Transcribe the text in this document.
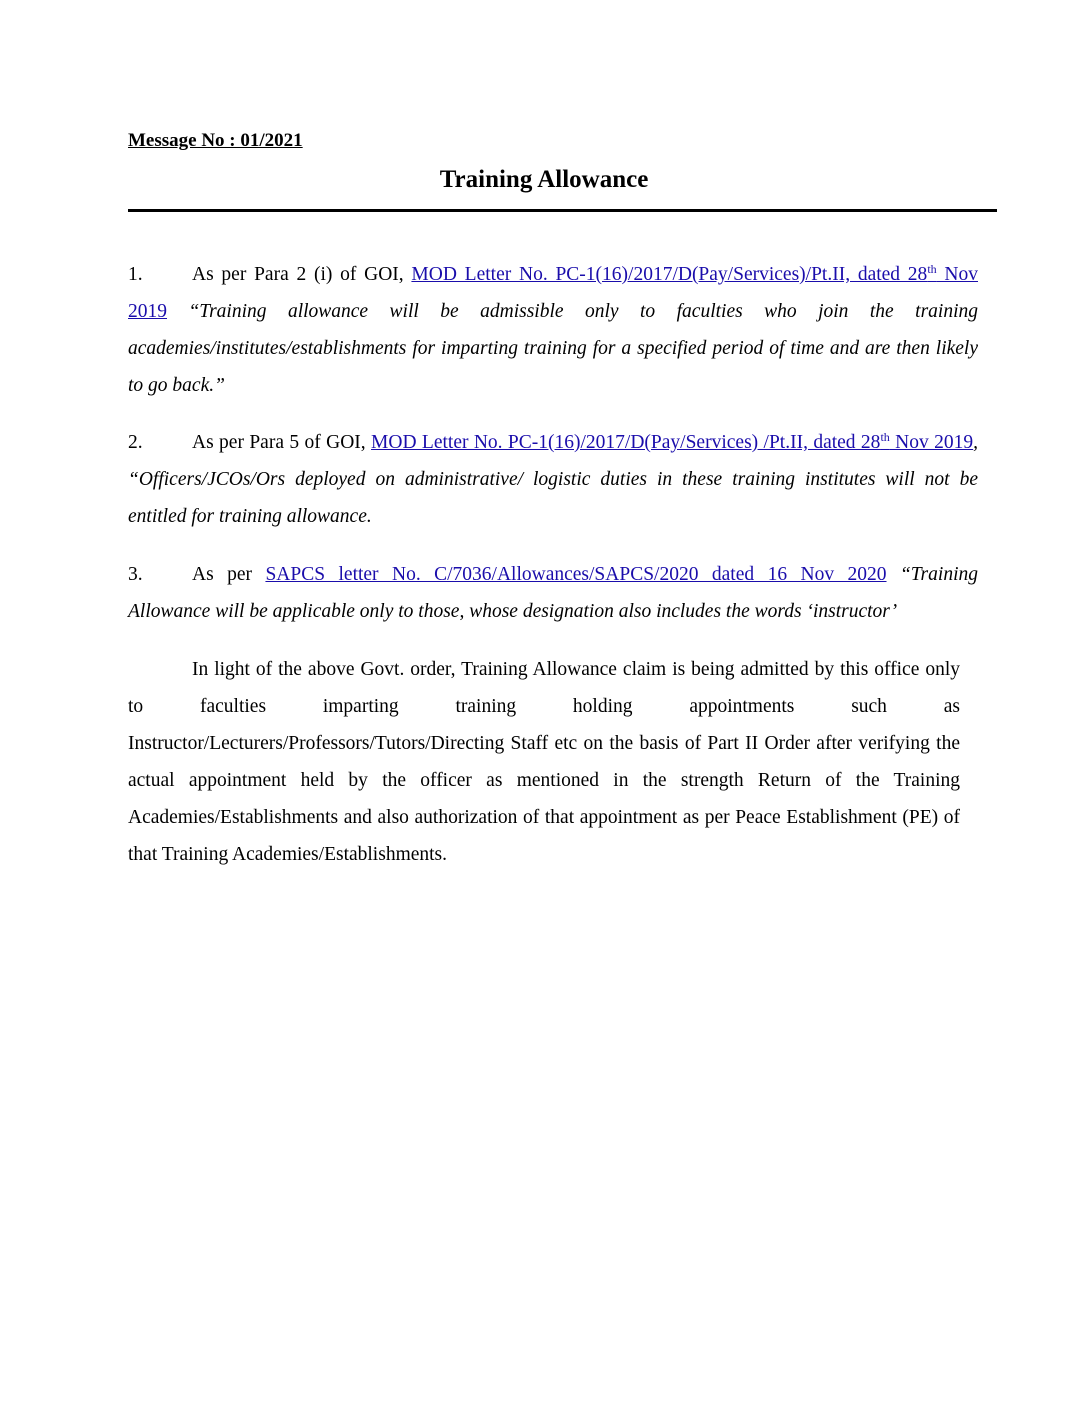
Message No : 01/2021
Training Allowance
1.	As per Para 2 (i) of GOI, MOD Letter No. PC-1(16)/2017/D(Pay/Services)/Pt.II, dated 28th Nov 2019 “Training allowance will be admissible only to faculties who join the training academies/institutes/establishments for imparting training for a specified period of time and are then likely to go back.”
2.	As per Para 5 of GOI, MOD Letter No. PC-1(16)/2017/D(Pay/Services) /Pt.II, dated 28th Nov 2019, “Officers/JCOs/Ors deployed on administrative/ logistic duties in these training institutes will not be entitled for training allowance.
3.	As per SAPCS letter No. C/7036/Allowances/SAPCS/2020 dated 16 Nov 2020 “Training Allowance will be applicable only to those, whose designation also includes the words ‘instructor’
In light of the above Govt. order, Training Allowance claim is being admitted by this office only to faculties imparting training holding appointments such as Instructor/Lecturers/Professors/Tutors/Directing Staff etc on the basis of Part II Order after verifying the actual appointment held by the officer as mentioned in the strength Return of the Training Academies/Establishments and also authorization of that appointment as per Peace Establishment (PE) of that Training Academies/Establishments.
